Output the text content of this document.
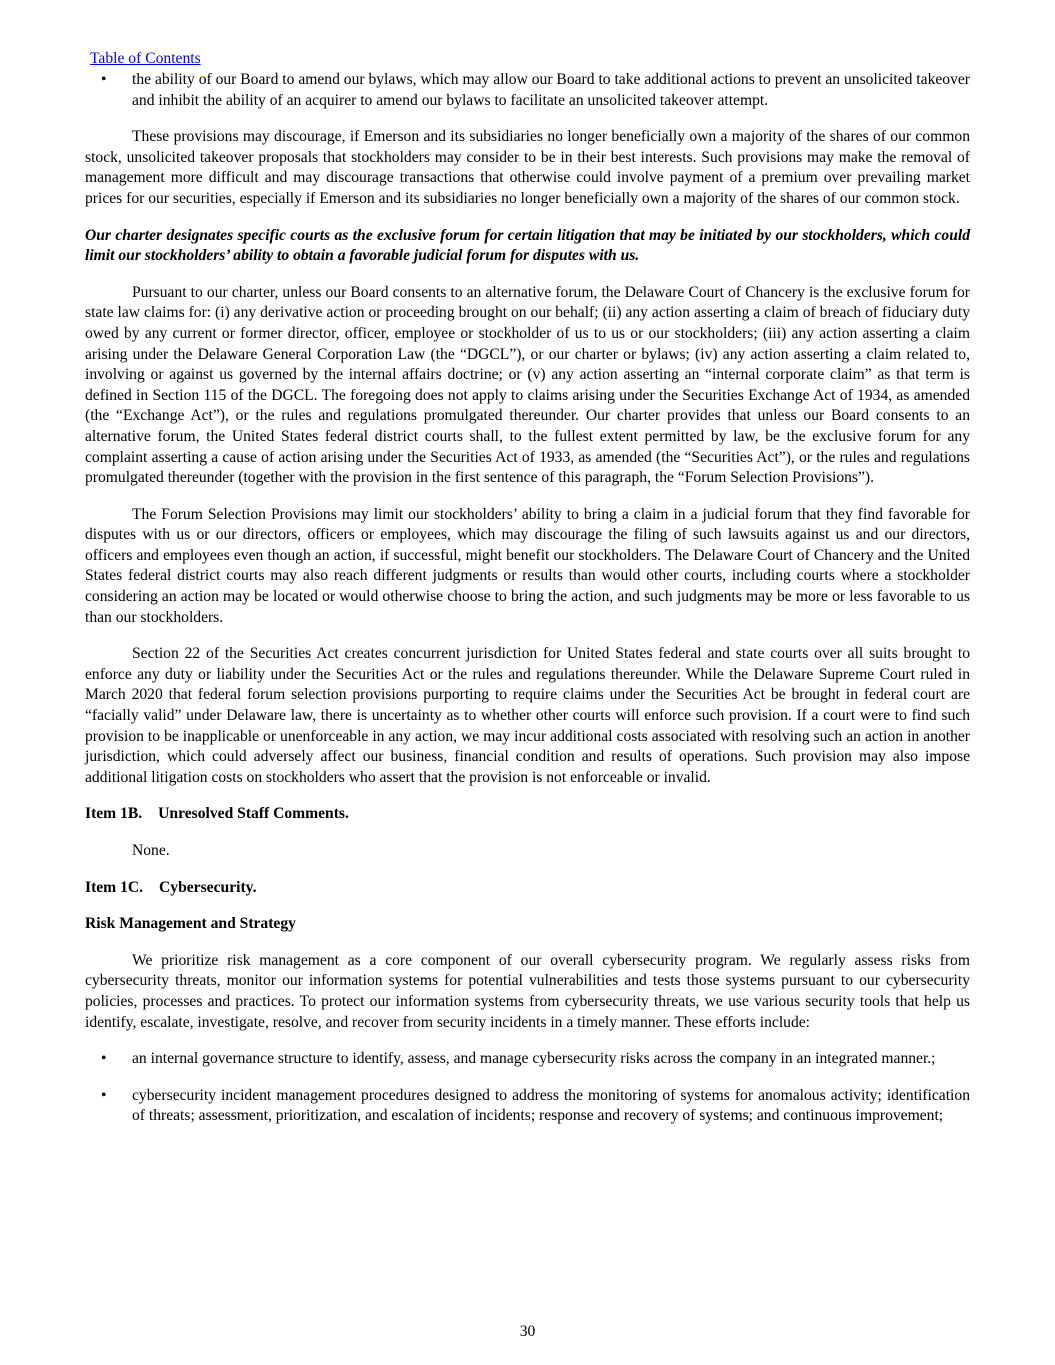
Table of Contents
•	the ability of our Board to amend our bylaws, which may allow our Board to take additional actions to prevent an unsolicited takeover and inhibit the ability of an acquirer to amend our bylaws to facilitate an unsolicited takeover attempt.

These provisions may discourage, if Emerson and its subsidiaries no longer beneficially own a majority of the shares of our common stock, unsolicited takeover proposals that stockholders may consider to be in their best interests. Such provisions may make the removal of management more difficult and may discourage transactions that otherwise could involve payment of a premium over prevailing market prices for our securities, especially if Emerson and its subsidiaries no longer beneficially own a majority of the shares of our common stock.

Our charter designates specific courts as the exclusive forum for certain litigation that may be initiated by our stockholders, which could limit our stockholders’ ability to obtain a favorable judicial forum for disputes with us.

Pursuant to our charter, unless our Board consents to an alternative forum, the Delaware Court of Chancery is the exclusive forum for state law claims for: (i) any derivative action or proceeding brought on our behalf; (ii) any action asserting a claim of breach of fiduciary duty owed by any current or former director, officer, employee or stockholder of us to us or our stockholders; (iii) any action asserting a claim arising under the Delaware General Corporation Law (the “DGCL”), or our charter or bylaws; (iv) any action asserting a claim related to, involving or against us governed by the internal affairs doctrine; or (v) any action asserting an “internal corporate claim” as that term is defined in Section 115 of the DGCL. The foregoing does not apply to claims arising under the Securities Exchange Act of 1934, as amended (the “Exchange Act”), or the rules and regulations promulgated thereunder. Our charter provides that unless our Board consents to an alternative forum, the United States federal district courts shall, to the fullest extent permitted by law, be the exclusive forum for any complaint asserting a cause of action arising under the Securities Act of 1933, as amended (the “Securities Act”), or the rules and regulations promulgated thereunder (together with the provision in the first sentence of this paragraph, the “Forum Selection Provisions”).

The Forum Selection Provisions may limit our stockholders’ ability to bring a claim in a judicial forum that they find favorable for disputes with us or our directors, officers or employees, which may discourage the filing of such lawsuits against us and our directors, officers and employees even though an action, if successful, might benefit our stockholders. The Delaware Court of Chancery and the United States federal district courts may also reach different judgments or results than would other courts, including courts where a stockholder considering an action may be located or would otherwise choose to bring the action, and such judgments may be more or less favorable to us than our stockholders.

Section 22 of the Securities Act creates concurrent jurisdiction for United States federal and state courts over all suits brought to enforce any duty or liability under the Securities Act or the rules and regulations thereunder. While the Delaware Supreme Court ruled in March 2020 that federal forum selection provisions purporting to require claims under the Securities Act be brought in federal court are “facially valid” under Delaware law, there is uncertainty as to whether other courts will enforce such provision. If a court were to find such provision to be inapplicable or unenforceable in any action, we may incur additional costs associated with resolving such an action in another jurisdiction, which could adversely affect our business, financial condition and results of operations. Such provision may also impose additional litigation costs on stockholders who assert that the provision is not enforceable or invalid.

Item 1B. Unresolved Staff Comments.

None.

Item 1C. Cybersecurity.

Risk Management and Strategy

We prioritize risk management as a core component of our overall cybersecurity program. We regularly assess risks from cybersecurity threats, monitor our information systems for potential vulnerabilities and tests those systems pursuant to our cybersecurity policies, processes and practices. To protect our information systems from cybersecurity threats, we use various security tools that help us identify, escalate, investigate, resolve, and recover from security incidents in a timely manner. These efforts include:

•	an internal governance structure to identify, assess, and manage cybersecurity risks across the company in an integrated manner.;
•	cybersecurity incident management procedures designed to address the monitoring of systems for anomalous activity; identification of threats; assessment, prioritization, and escalation of incidents; response and recovery of systems; and continuous improvement;
30
